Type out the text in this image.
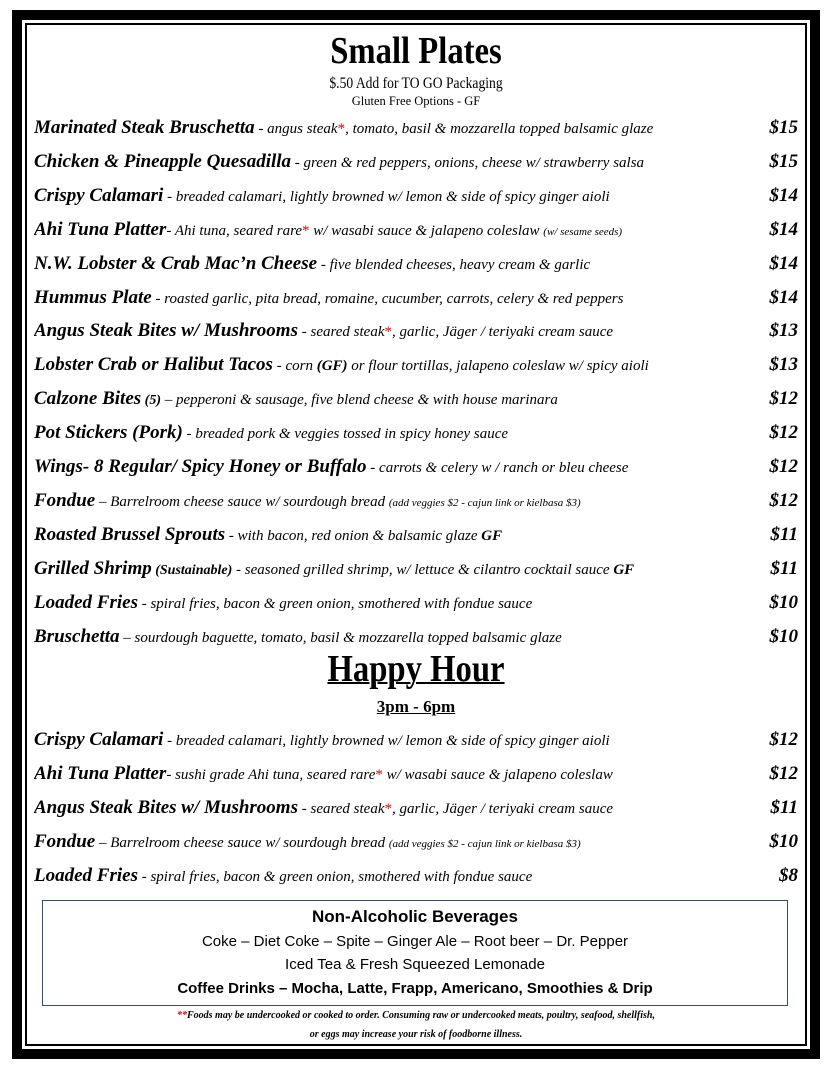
Small Plates
$.50 Add for TO GO Packaging
Gluten Free Options - GF
Marinated Steak Bruschetta - angus steak*, tomato, basil & mozzarella topped balsamic glaze	$15
Chicken & Pineapple Quesadilla - green & red peppers, onions, cheese w/ strawberry salsa	$15
Crispy Calamari - breaded calamari, lightly browned w/ lemon & side of spicy ginger aioli	$14
Ahi Tuna Platter- Ahi tuna, seared rare* w/ wasabi sauce & jalapeno coleslaw (w/ sesame seeds)	$14
N.W. Lobster & Crab Mac’n Cheese - five blended cheeses, heavy cream & garlic	$14
Hummus Plate - roasted garlic, pita bread, romaine, cucumber, carrots, celery & red peppers	$14
Angus Steak Bites w/ Mushrooms - seared steak*, garlic, Jäger / teriyaki cream sauce	$13
Lobster Crab or Halibut Tacos - corn (GF) or flour tortillas, jalapeno coleslaw w/ spicy aioli	$13
Calzone Bites (5) – pepperoni & sausage, five blend cheese & with house marinara	$12
Pot Stickers (Pork) - breaded pork & veggies tossed in spicy honey sauce	$12
Wings- 8 Regular/ Spicy Honey or Buffalo - carrots & celery w / ranch or bleu cheese	$12
Fondue – Barrelroom cheese sauce w/ sourdough bread (add veggies $2 - cajun link or kielbasa $3)	$12
Roasted Brussel Sprouts - with bacon, red onion & balsamic glaze GF	$11
Grilled Shrimp (Sustainable) - seasoned grilled shrimp, w/ lettuce & cilantro cocktail sauce GF	$11
Loaded Fries - spiral fries, bacon & green onion, smothered with fondue sauce	$10
Bruschetta – sourdough baguette, tomato, basil & mozzarella topped balsamic glaze	$10
Happy Hour
3pm - 6pm
Crispy Calamari - breaded calamari, lightly browned w/ lemon & side of spicy ginger aioli	$12
Ahi Tuna Platter- sushi grade Ahi tuna, seared rare* w/ wasabi sauce & jalapeno coleslaw	$12
Angus Steak Bites w/ Mushrooms - seared steak*, garlic, Jäger / teriyaki cream sauce	$11
Fondue – Barrelroom cheese sauce w/ sourdough bread (add veggies $2 - cajun link or kielbasa $3)	$10
Loaded Fries - spiral fries, bacon & green onion, smothered with fondue sauce	$8
Non-Alcoholic Beverages
Coke – Diet Coke – Spite – Ginger Ale – Root beer – Dr. Pepper
Iced Tea & Fresh Squeezed Lemonade
Coffee Drinks – Mocha, Latte, Frapp, Americano, Smoothies & Drip
**Foods may be undercooked or cooked to order. Consuming raw or undercooked meats, poultry, seafood, shellfish,
or eggs may increase your risk of foodborne illness.
